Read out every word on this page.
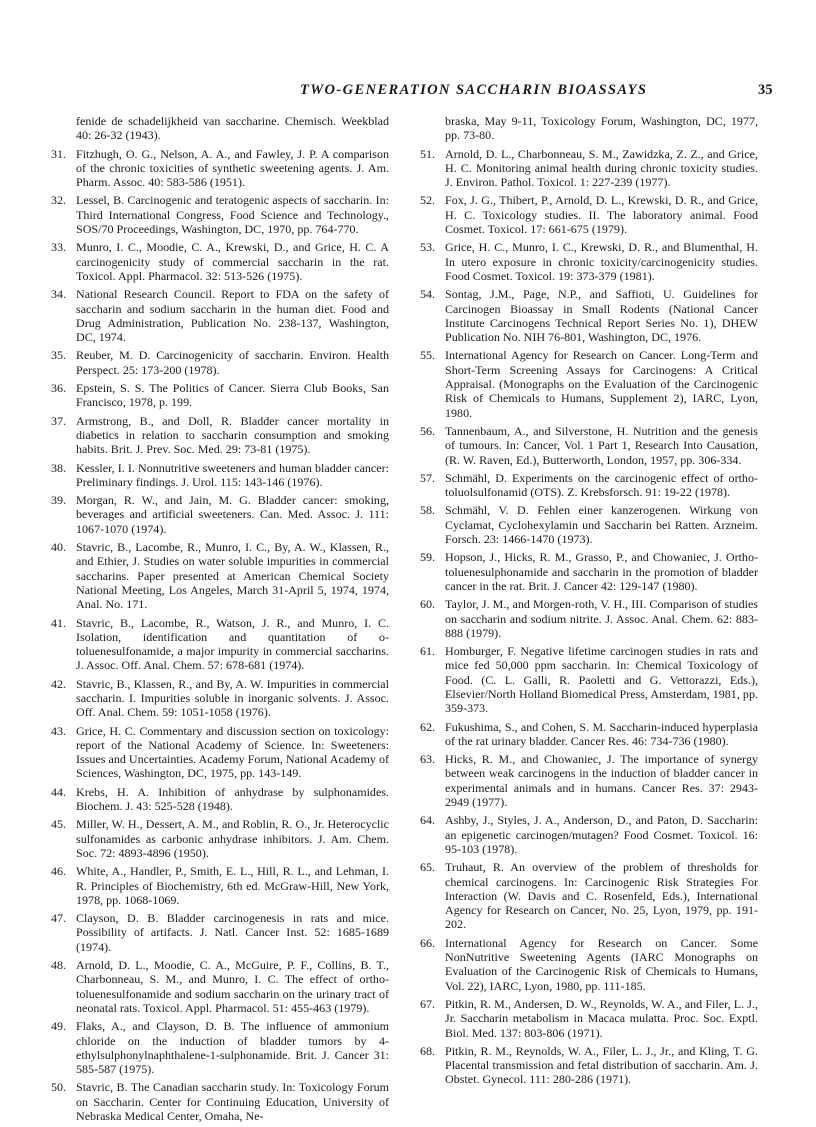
TWO-GENERATION SACCHARIN BIOASSAYS	35
fenide de schadelijkheid van saccharine. Chemisch. Weekblad 40: 26-32 (1943).
31. Fitzhugh, O. G., Nelson, A. A., and Fawley, J. P. A comparison of the chronic toxicities of synthetic sweetening agents. J. Am. Pharm. Assoc. 40: 583-586 (1951).
32. Lessel, B. Carcinogenic and teratogenic aspects of saccharin. In: Third International Congress, Food Science and Technology., SOS/70 Proceedings, Washington, DC, 1970, pp. 764-770.
33. Munro, I. C., Moodie, C. A., Krewski, D., and Grice, H. C. A carcinogenicity study of commercial saccharin in the rat. Toxicol. Appl. Pharmacol. 32: 513-526 (1975).
34. National Research Council. Report to FDA on the safety of saccharin and sodium saccharin in the human diet. Food and Drug Administration, Publication No. 238-137, Washington, DC, 1974.
35. Reuber, M. D. Carcinogenicity of saccharin. Environ. Health Perspect. 25: 173-200 (1978).
36. Epstein, S. S. The Politics of Cancer. Sierra Club Books, San Francisco, 1978, p. 199.
37. Armstrong, B., and Doll, R. Bladder cancer mortality in diabetics in relation to saccharin consumption and smoking habits. Brit. J. Prev. Soc. Med. 29: 73-81 (1975).
38. Kessler, I. I. Nonnutritive sweeteners and human bladder cancer: Preliminary findings. J. Urol. 115: 143-146 (1976).
39. Morgan, R. W., and Jain, M. G. Bladder cancer: smoking, beverages and artificial sweeteners. Can. Med. Assoc. J. 111: 1067-1070 (1974).
40. Stavric, B., Lacombe, R., Munro, I. C., By, A. W., Klassen, R., and Ethier, J. Studies on water soluble impurities in commercial saccharins. Paper presented at American Chemical Society National Meeting, Los Angeles, March 31-April 5, 1974, 1974, Anal. No. 171.
41. Stavric, B., Lacombe, R., Watson, J. R., and Munro, I. C. Isolation, identification and quantitation of o-toluenesulfonamide, a major impurity in commercial saccharins. J. Assoc. Off. Anal. Chem. 57: 678-681 (1974).
42. Stavric, B., Klassen, R., and By, A. W. Impurities in commercial saccharin. I. Impurities soluble in inorganic solvents. J. Assoc. Off. Anal. Chem. 59: 1051-1058 (1976).
43. Grice, H. C. Commentary and discussion section on toxicology: report of the National Academy of Science. In: Sweeteners: Issues and Uncertainties. Academy Forum, National Academy of Sciences, Washington, DC, 1975, pp. 143-149.
44. Krebs, H. A. Inhibition of anhydrase by sulphonamides. Biochem. J. 43: 525-528 (1948).
45. Miller, W. H., Dessert, A. M., and Roblin, R. O., Jr. Heterocyclic sulfonamides as carbonic anhydrase inhibitors. J. Am. Chem. Soc. 72: 4893-4896 (1950).
46. White, A., Handler, P., Smith, E. L., Hill, R. L., and Lehman, I. R. Principles of Biochemistry, 6th ed. McGraw-Hill, New York, 1978, pp. 1068-1069.
47. Clayson, D. B. Bladder carcinogenesis in rats and mice. Possibility of artifacts. J. Natl. Cancer Inst. 52: 1685-1689 (1974).
48. Arnold, D. L., Moodie, C. A., McGuire, P. F., Collins, B. T., Charbonneau, S. M., and Munro, I. C. The effect of ortho-toluenesulfonamide and sodium saccharin on the urinary tract of neonatal rats. Toxicol. Appl. Pharmacol. 51: 455-463 (1979).
49. Flaks, A., and Clayson, D. B. The influence of ammonium chloride on the induction of bladder tumors by 4-ethylsulphonylnaphthalene-1-sulphonamide. Brit. J. Cancer 31: 585-587 (1975).
50. Stavric, B. The Canadian saccharin study. In: Toxicology Forum on Saccharin. Center for Continuing Education, University of Nebraska Medical Center, Omaha, Ne-
braska, May 9-11, Toxicology Forum, Washington, DC, 1977, pp. 73-80.
51. Arnold, D. L., Charbonneau, S. M., Zawidzka, Z. Z., and Grice, H. C. Monitoring animal health during chronic toxicity studies. J. Environ. Pathol. Toxicol. 1: 227-239 (1977).
52. Fox, J. G., Thibert, P., Arnold, D. L., Krewski, D. R., and Grice, H. C. Toxicology studies. II. The laboratory animal. Food Cosmet. Toxicol. 17: 661-675 (1979).
53. Grice, H. C., Munro, I. C., Krewski, D. R., and Blumenthal, H. In utero exposure in chronic toxicity/carcinogenicity studies. Food Cosmet. Toxicol. 19: 373-379 (1981).
54. Sontag, J.M., Page, N.P., and Saffioti, U. Guidelines for Carcinogen Bioassay in Small Rodents (National Cancer Institute Carcinogens Technical Report Series No. 1), DHEW Publication No. NIH 76-801, Washington, DC, 1976.
55. International Agency for Research on Cancer. Long-Term and Short-Term Screening Assays for Carcinogens: A Critical Appraisal. (Monographs on the Evaluation of the Carcinogenic Risk of Chemicals to Humans, Supplement 2), IARC, Lyon, 1980.
56. Tannenbaum, A., and Silverstone, H. Nutrition and the genesis of tumours. In: Cancer, Vol. 1 Part 1, Research Into Causation, (R. W. Raven, Ed.), Butterworth, London, 1957, pp. 306-334.
57. Schmähl, D. Experiments on the carcinogenic effect of ortho-toluolsulfonamid (OTS). Z. Krebsforsch. 91: 19-22 (1978).
58. Schmähl, V. D. Fehlen einer kanzerogenen. Wirkung von Cyclamat, Cyclohexylamin und Saccharin bei Ratten. Arzneim. Forsch. 23: 1466-1470 (1973).
59. Hopson, J., Hicks, R. M., Grasso, P., and Chowaniec, J. Ortho-toluenesulphonamide and saccharin in the promotion of bladder cancer in the rat. Brit. J. Cancer 42: 129-147 (1980).
60. Taylor, J. M., and Morgen-roth, V. H., III. Comparison of studies on saccharin and sodium nitrite. J. Assoc. Anal. Chem. 62: 883-888 (1979).
61. Homburger, F. Negative lifetime carcinogen studies in rats and mice fed 50,000 ppm saccharin. In: Chemical Toxicology of Food. (C. L. Galli, R. Paoletti and G. Vettorazzi, Eds.), Elsevier/North Holland Biomedical Press, Amsterdam, 1981, pp. 359-373.
62. Fukushima, S., and Cohen, S. M. Saccharin-induced hyperplasia of the rat urinary bladder. Cancer Res. 46: 734-736 (1980).
63. Hicks, R. M., and Chowaniec, J. The importance of synergy between weak carcinogens in the induction of bladder cancer in experimental animals and in humans. Cancer Res. 37: 2943-2949 (1977).
64. Ashby, J., Styles, J. A., Anderson, D., and Paton, D. Saccharin: an epigenetic carcinogen/mutagen? Food Cosmet. Toxicol. 16: 95-103 (1978).
65. Truhaut, R. An overview of the problem of thresholds for chemical carcinogens. In: Carcinogenic Risk Strategies For Interaction (W. Davis and C. Rosenfeld, Eds.), International Agency for Research on Cancer, No. 25, Lyon, 1979, pp. 191-202.
66. International Agency for Research on Cancer. Some NonNutritive Sweetening Agents (IARC Monographs on Evaluation of the Carcinogenic Risk of Chemicals to Humans, Vol. 22), IARC, Lyon, 1980, pp. 111-185.
67. Pitkin, R. M., Andersen, D. W., Reynolds, W. A., and Filer, L. J., Jr. Saccharin metabolism in Macaca mulatta. Proc. Soc. Exptl. Biol. Med. 137: 803-806 (1971).
68. Pitkin, R. M., Reynolds, W. A., Filer, L. J., Jr., and Kling, T. G. Placental transmission and fetal distribution of saccharin. Am. J. Obstet. Gynecol. 111: 280-286 (1971).
